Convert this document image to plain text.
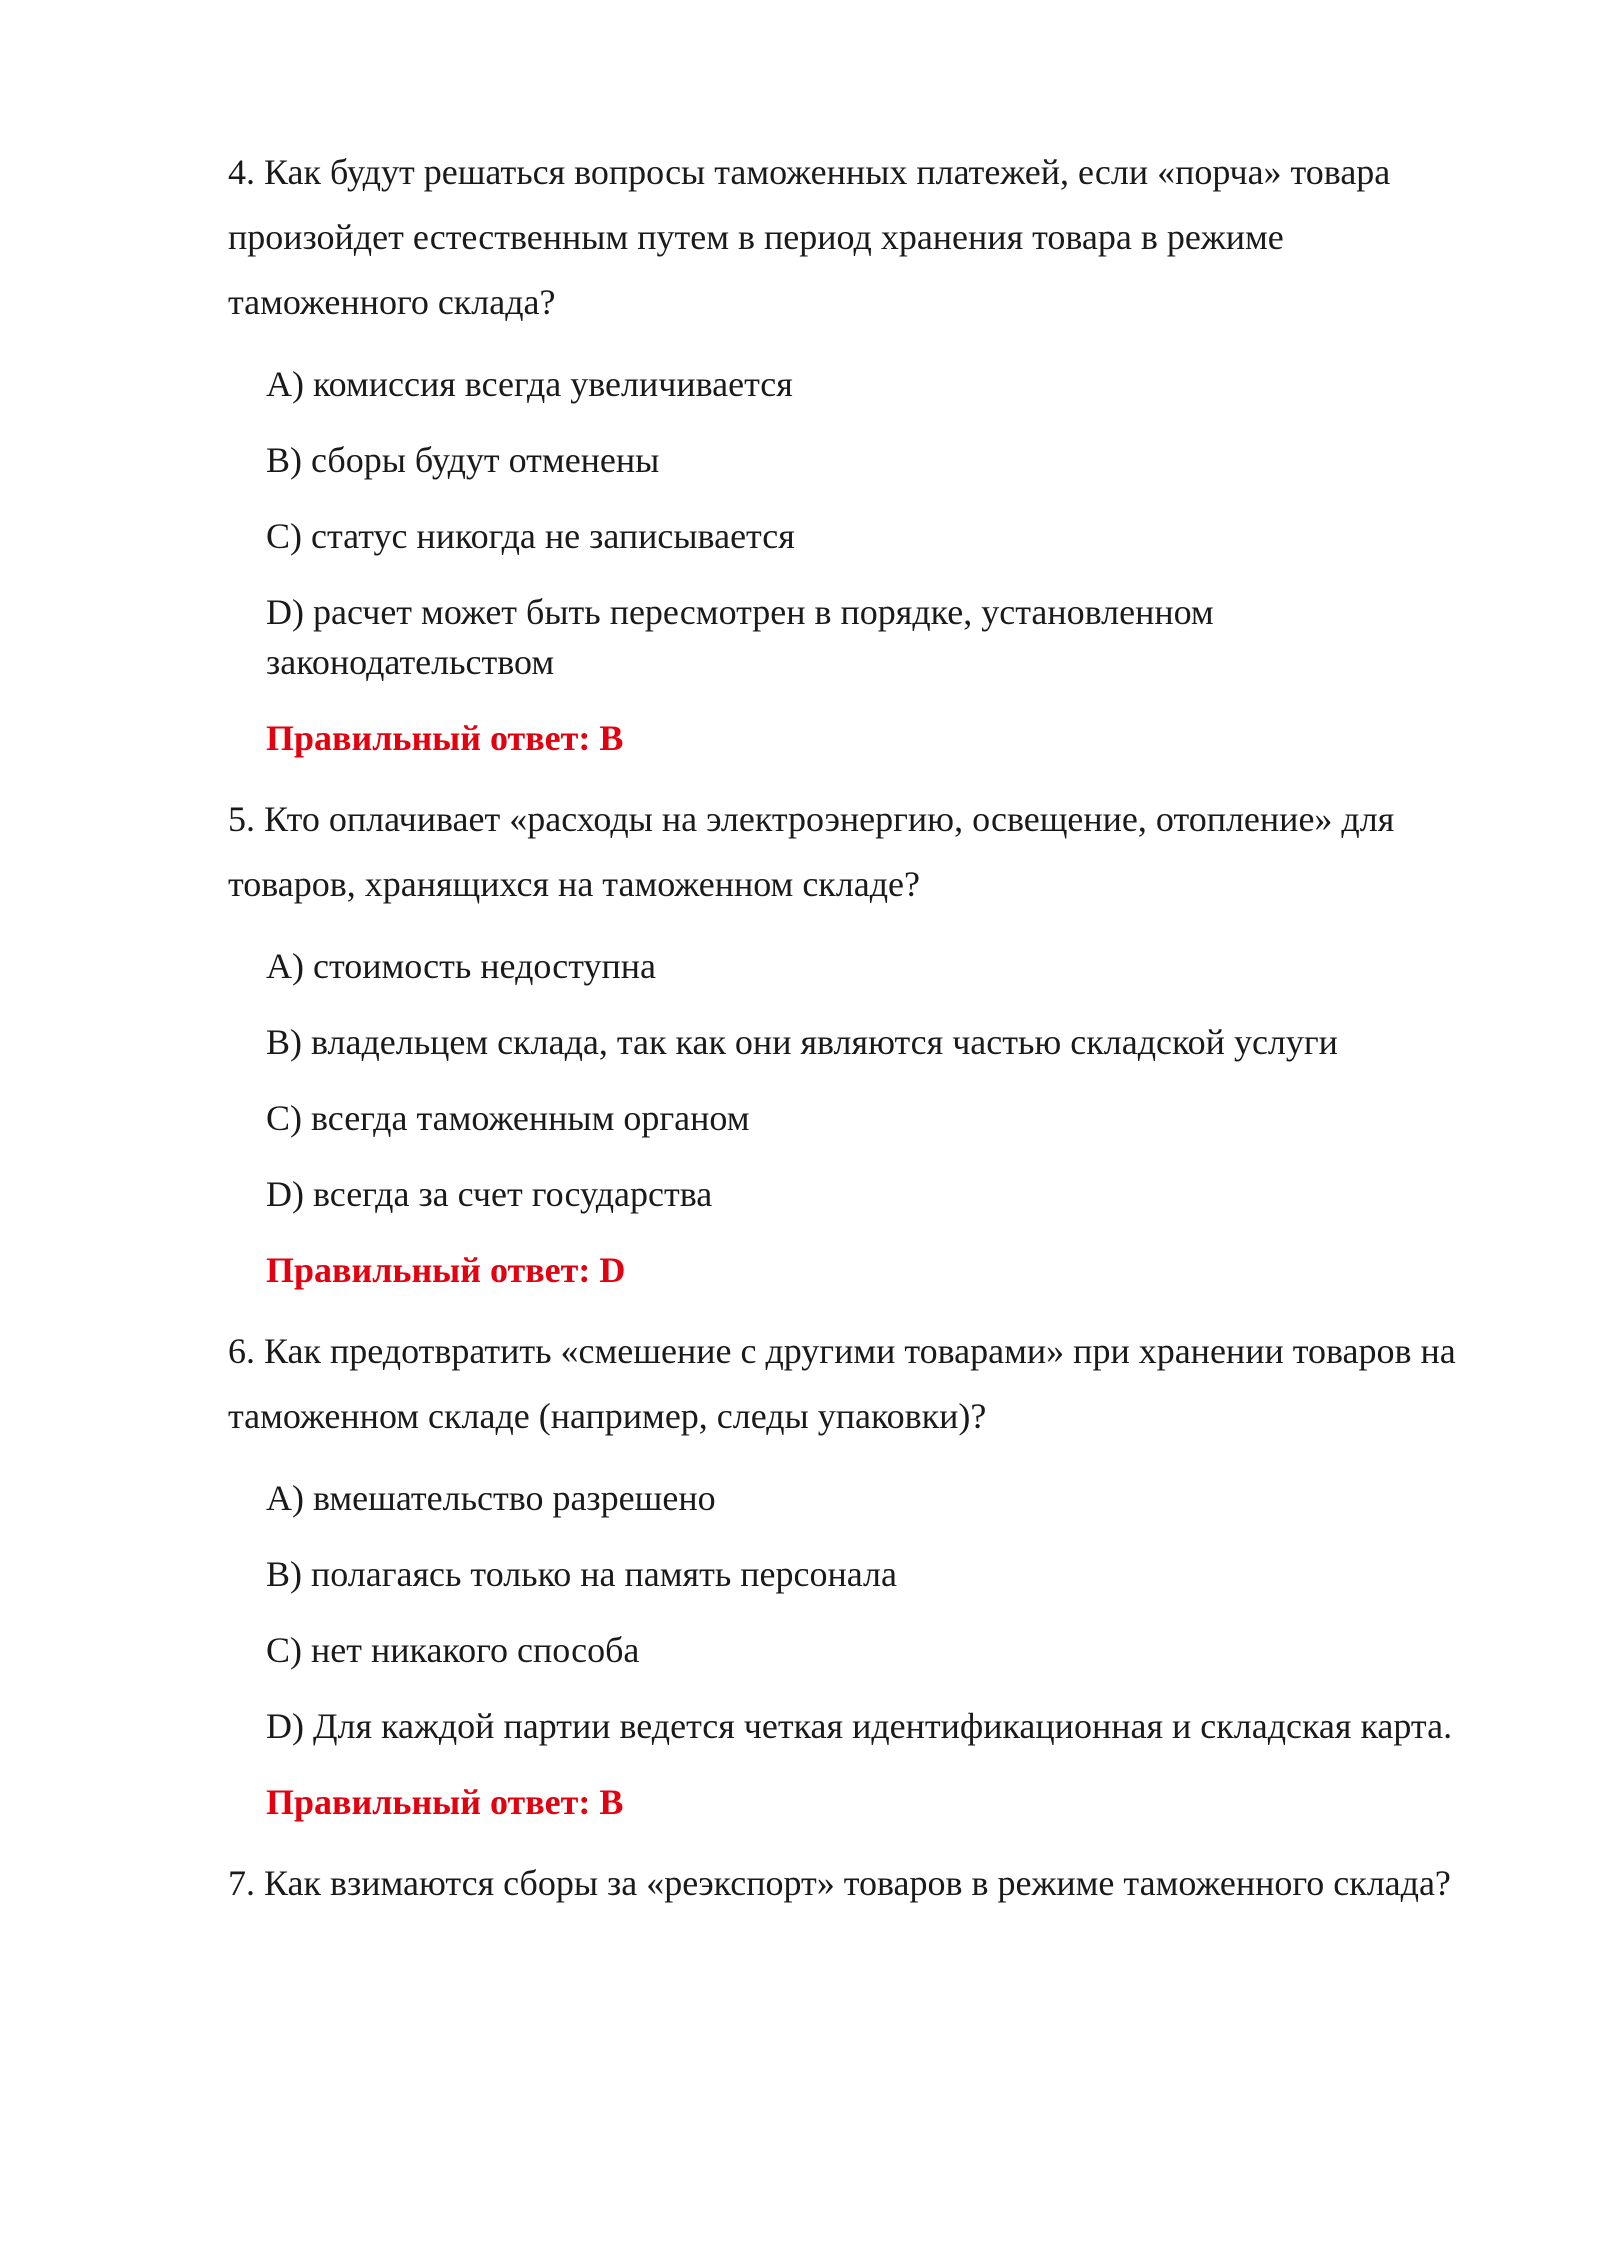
4. Как будут решаться вопросы таможенных платежей, если «порча» товара произойдет естественным путем в период хранения товара в режиме таможенного склада?

A) комиссия всегда увеличивается

B) сборы будут отменены

C) статус никогда не записывается

D) расчет может быть пересмотрен в порядке, установленном законодательством

Правильный ответ: B

5. Кто оплачивает «расходы на электроэнергию, освещение, отопление» для товаров, хранящихся на таможенном складе?

A) стоимость недоступна

B) владельцем склада, так как они являются частью складской услуги

C) всегда таможенным органом

D) всегда за счет государства

Правильный ответ: D

6. Как предотвратить «смешение с другими товарами» при хранении товаров на таможенном складе (например, следы упаковки)?

A) вмешательство разрешено

B) полагаясь только на память персонала

C) нет никакого способа

D) Для каждой партии ведется четкая идентификационная и складская карта.

Правильный ответ: B

7. Как взимаются сборы за «реэкспорт» товаров в режиме таможенного склада?
